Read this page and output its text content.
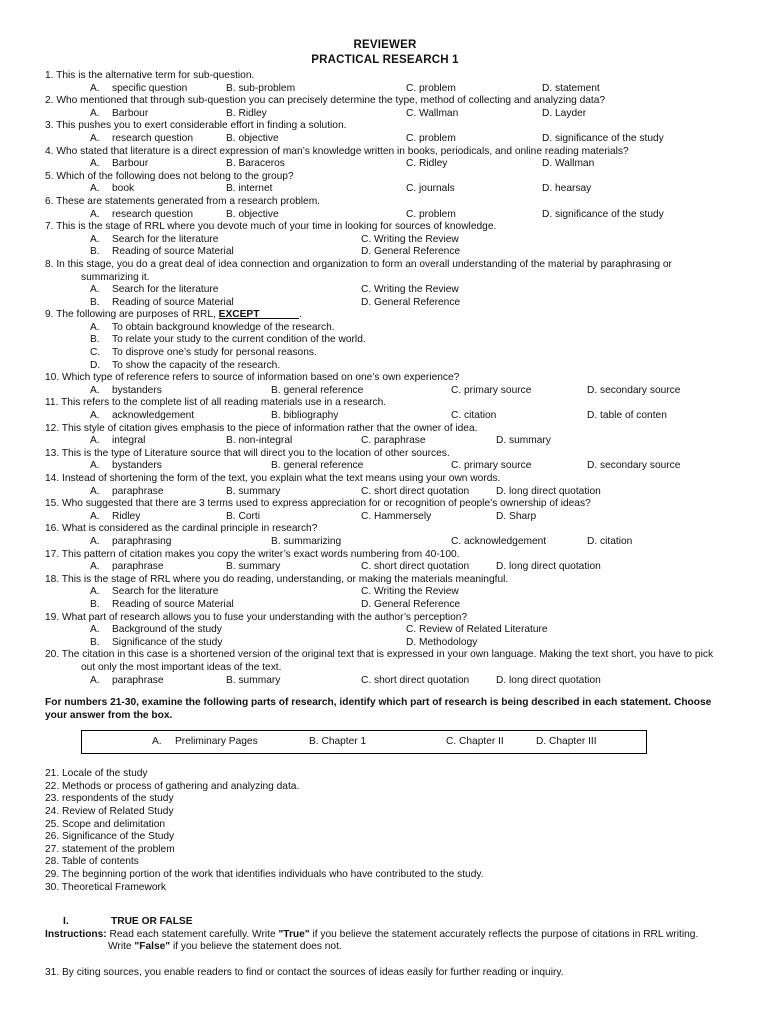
REVIEWER
PRACTICAL RESEARCH 1
1. This is the alternative term for sub-question.
A. specific question	B. sub-problem	C. problem	D. statement
2. Who mentioned that through sub-question you can precisely determine the type, method of collecting and analyzing data?
A. Barbour	B. Ridley	C. Wallman	D. Layder
3. This pushes you to exert considerable effort in finding a solution.
A. research question	B. objective	C. problem	D. significance of the study
4. Who stated that literature is a direct expression of man’s knowledge written in books, periodicals, and online reading materials?
A. Barbour	B. Baraceros	C. Ridley	D. Wallman
5. Which of the following does not belong to the group?
A. book	B. internet	C. journals	D. hearsay
6. These are statements generated from a research problem.
A. research question	B. objective	C. problem	D. significance of the study
7. This is the stage of RRL where you devote much of your time in looking for sources of knowledge.
A. Search for the literature	C. Writing the Review
B. Reading of source Material	D. General Reference
8. In this stage, you do a great deal of idea connection and organization to form an overall understanding of the material by paraphrasing or summarizing it.
A. Search for the literature	C. Writing the Review
B. Reading of source Material	D. General Reference
9. The following are purposes of RRL, EXCEPT_______.
A. To obtain background knowledge of the research.
B. To relate your study to the current condition of the world.
C. To disprove one’s study for personal reasons.
D. To show the capacity of the research.
10. Which type of reference refers to source of information based on one’s own experience?
A. bystanders	B. general reference	C. primary source	D. secondary source
11. This refers to the complete list of all reading materials use in a research.
A. acknowledgement	B. bibliography	C. citation	D. table of conten
12. This style of citation gives emphasis to the piece of information rather that the owner of idea.
A. integral	B. non-integral	C. paraphrase	D. summary
13. This is the type of Literature source that will direct you to the location of other sources.
A. bystanders	B. general reference	C. primary source	D. secondary source
14. Instead of shortening the form of the text, you explain what the text means using your own words.
A. paraphrase	B. summary	C. short direct quotation	D. long direct quotation
15. Who suggested that there are 3 terms used to express appreciation for or recognition of people’s ownership of ideas?
A. Ridley	B. Corti	C. Hammersely	D. Sharp
16. What is considered as the cardinal principle in research?
A. paraphrasing	B. summarizing	C. acknowledgement	D. citation
17. This pattern of citation makes you copy the writer’s exact words numbering from 40-100.
A. paraphrase	B. summary	C. short direct quotation	D. long direct quotation
18. This is the stage of RRL where you do reading, understanding, or making the materials meaningful.
A. Search for the literature	C. Writing the Review
B. Reading of source Material	D. General Reference
19. What part of research allows you to fuse your understanding with the author’s perception?
A. Background of the study	C. Review of Related Literature
B. Significance of the study	D. Methodology
20. The citation in this case is a shortened version of the original text that is expressed in your own language. Making the text short, you have to pick out only the most important ideas of the text.
A. paraphrase	B. summary	C. short direct quotation	D. long direct quotation
For numbers 21-30, examine the following parts of research, identify which part of research is being described in each statement. Choose your answer from the box.
A. Preliminary Pages	B. Chapter 1	C. Chapter II	D. Chapter III
21. Locale of the study
22. Methods or process of gathering and analyzing data.
23. respondents of the study
24. Review of Related Study
25. Scope and delimitation
26. Significance of the Study
27. statement of the problem
28. Table of contents
29. The beginning portion of the work that identifies individuals who have contributed to the study.
30. Theoretical Framework
I.	TRUE OR FALSE
Instructions: Read each statement carefully. Write "True" if you believe the statement accurately reflects the purpose of citations in RRL writing.
Write "False" if you believe the statement does not.
31. By citing sources, you enable readers to find or contact the sources of ideas easily for further reading or inquiry.
